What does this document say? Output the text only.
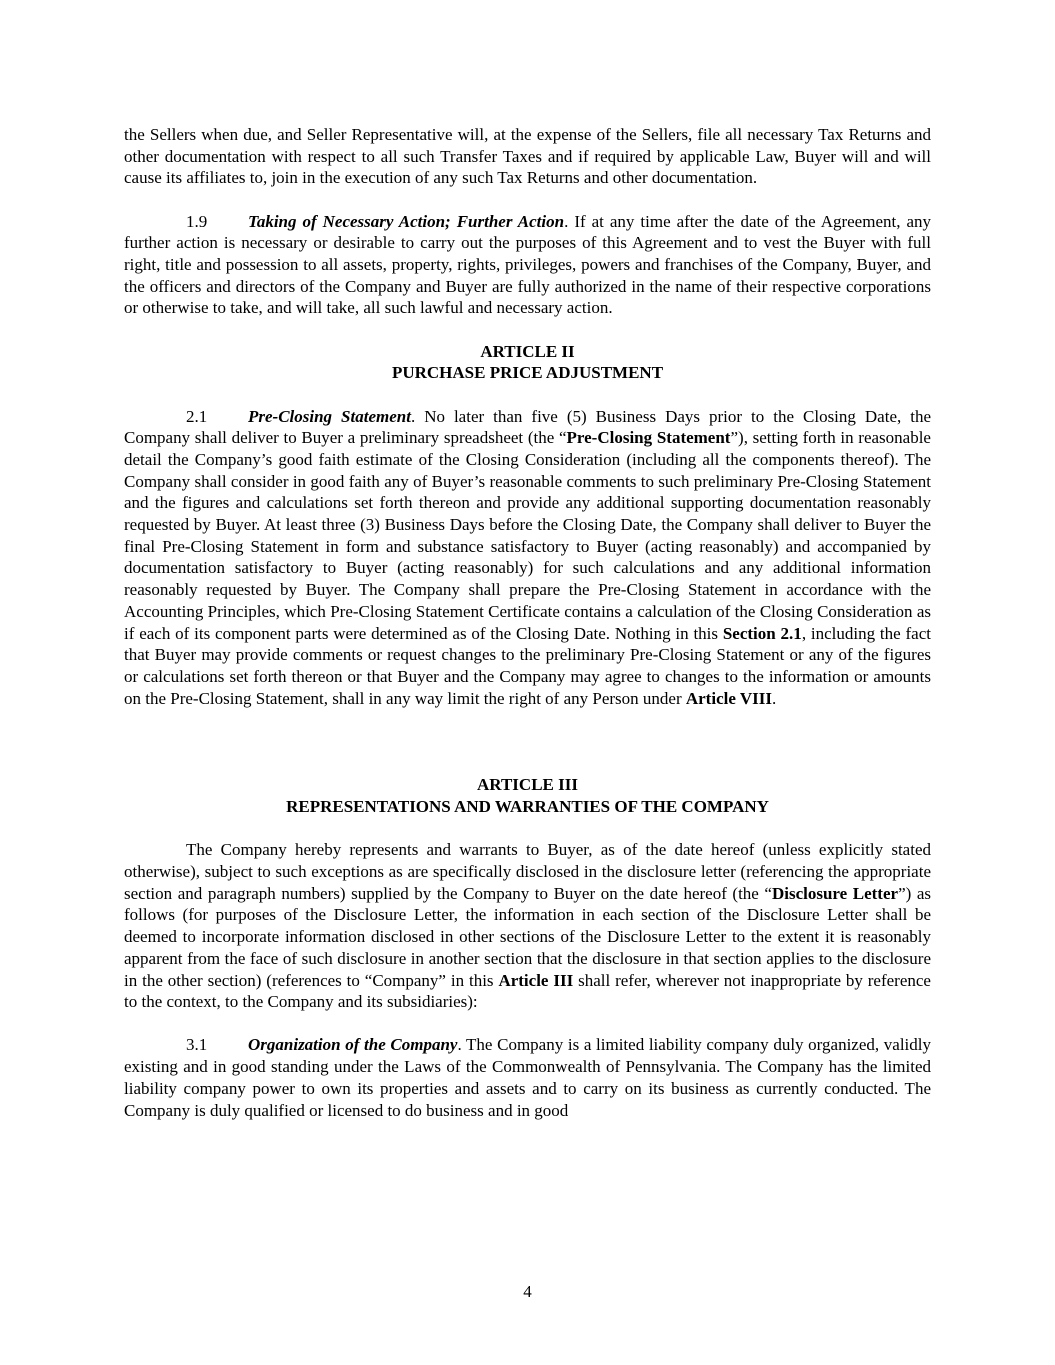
the Sellers when due, and Seller Representative will, at the expense of the Sellers, file all necessary Tax Returns and other documentation with respect to all such Transfer Taxes and if required by applicable Law, Buyer will and will cause its affiliates to, join in the execution of any such Tax Returns and other documentation.

1.9 Taking of Necessary Action; Further Action. If at any time after the date of the Agreement, any further action is necessary or desirable to carry out the purposes of this Agreement and to vest the Buyer with full right, title and possession to all assets, property, rights, privileges, powers and franchises of the Company, Buyer, and the officers and directors of the Company and Buyer are fully authorized in the name of their respective corporations or otherwise to take, and will take, all such lawful and necessary action.

ARTICLE II

PURCHASE PRICE ADJUSTMENT

2.1 Pre-Closing Statement. No later than five (5) Business Days prior to the Closing Date, the Company shall deliver to Buyer a preliminary spreadsheet (the “Pre-Closing Statement”), setting forth in reasonable detail the Company’s good faith estimate of the Closing Consideration (including all the components thereof). The Company shall consider in good faith any of Buyer’s reasonable comments to such preliminary Pre-Closing Statement and the figures and calculations set forth thereon and provide any additional supporting documentation reasonably requested by Buyer. At least three (3) Business Days before the Closing Date, the Company shall deliver to Buyer the final Pre-Closing Statement in form and substance satisfactory to Buyer (acting reasonably) and accompanied by documentation satisfactory to Buyer (acting reasonably) for such calculations and any additional information reasonably requested by Buyer. The Company shall prepare the Pre-Closing Statement in accordance with the Accounting Principles, which Pre-Closing Statement Certificate contains a calculation of the Closing Consideration as if each of its component parts were determined as of the Closing Date. Nothing in this Section 2.1, including the fact that Buyer may provide comments or request changes to the preliminary Pre-Closing Statement or any of the figures or calculations set forth thereon or that Buyer and the Company may agree to changes to the information or amounts on the Pre-Closing Statement, shall in any way limit the right of any Person under Article VIII.

ARTICLE III

REPRESENTATIONS AND WARRANTIES OF THE COMPANY

The Company hereby represents and warrants to Buyer, as of the date hereof (unless explicitly stated otherwise), subject to such exceptions as are specifically disclosed in the disclosure letter (referencing the appropriate section and paragraph numbers) supplied by the Company to Buyer on the date hereof (the “Disclosure Letter”) as follows (for purposes of the Disclosure Letter, the information in each section of the Disclosure Letter shall be deemed to incorporate information disclosed in other sections of the Disclosure Letter to the extent it is reasonably apparent from the face of such disclosure in another section that the disclosure in that section applies to the disclosure in the other section) (references to “Company” in this Article III shall refer, wherever not inappropriate by reference to the context, to the Company and its subsidiaries):

3.1 Organization of the Company. The Company is a limited liability company duly organized, validly existing and in good standing under the Laws of the Commonwealth of Pennsylvania. The Company has the limited liability company power to own its properties and assets and to carry on its business as currently conducted. The Company is duly qualified or licensed to do business and in good

4
